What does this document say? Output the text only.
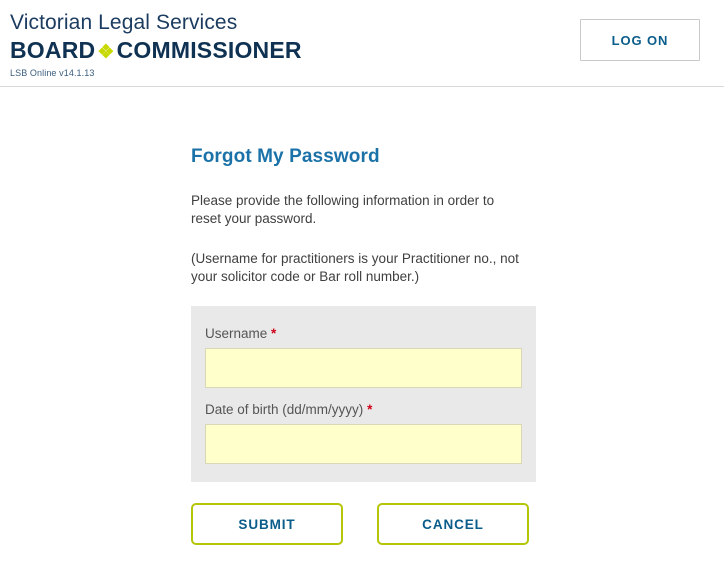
Victorian Legal Services
BOARD ❖COMMISSIONER
LSB Online v14.1.13
LOG ON
Forgot My Password

Please provide the following information in order to reset your password.

(Username for practitioners is your Practitioner no., not your solicitor code or Bar roll number.)

Username *
Date of birth (dd/mm/yyyy) *
SUBMIT	CANCEL
